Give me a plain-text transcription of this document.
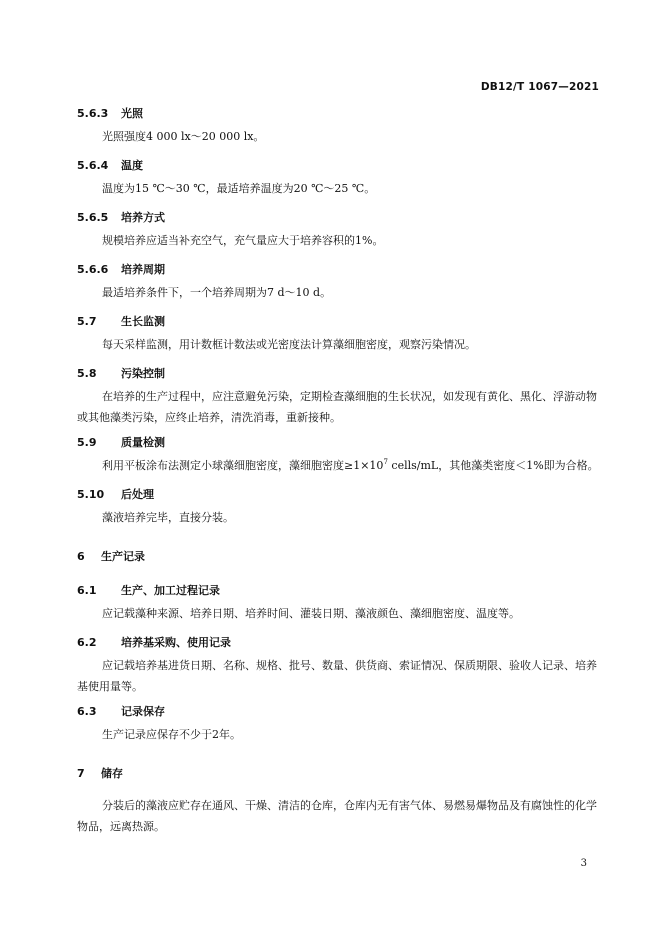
DB12/T 1067—2021
5.6.3 光照
光照强度4 000 lx～20 000 lx。
5.6.4 温度
温度为15 ℃～30 ℃，最适培养温度为20 ℃～25 ℃。
5.6.5 培养方式
规模培养应适当补充空气，充气量应大于培养容积的1%。
5.6.6 培养周期
最适培养条件下，一个培养周期为7 d～10 d。
5.7 生长监测
每天采样监测，用计数框计数法或光密度法计算藻细胞密度，观察污染情况。
5.8 污染控制
在培养的生产过程中，应注意避免污染，定期检查藻细胞的生长状况，如发现有黄化、黑化、浮游动物或其他藻类污染，应终止培养，清洗消毒，重新接种。
5.9 质量检测
利用平板涂布法测定小球藻细胞密度，藻细胞密度$\ge 1\times 10^7$ cells/mL，其他藻类密度＜1%即为合格。
5.10 后处理
藻液培养完毕，直接分装。
6 生产记录
6.1 生产、加工过程记录
应记载藻种来源、培养日期、培养时间、灌装日期、藻液颜色、藻细胞密度、温度等。
6.2 培养基采购、使用记录
应记载培养基进货日期、名称、规格、批号、数量、供货商、索证情况、保质期限、验收人记录、培养基使用量等。
6.3 记录保存
生产记录应保存不少于2年。
7 储存
分装后的藻液应贮存在通风、干燥、清洁的仓库，仓库内无有害气体、易燃易爆物品及有腐蚀性的化学物品，远离热源。
3
